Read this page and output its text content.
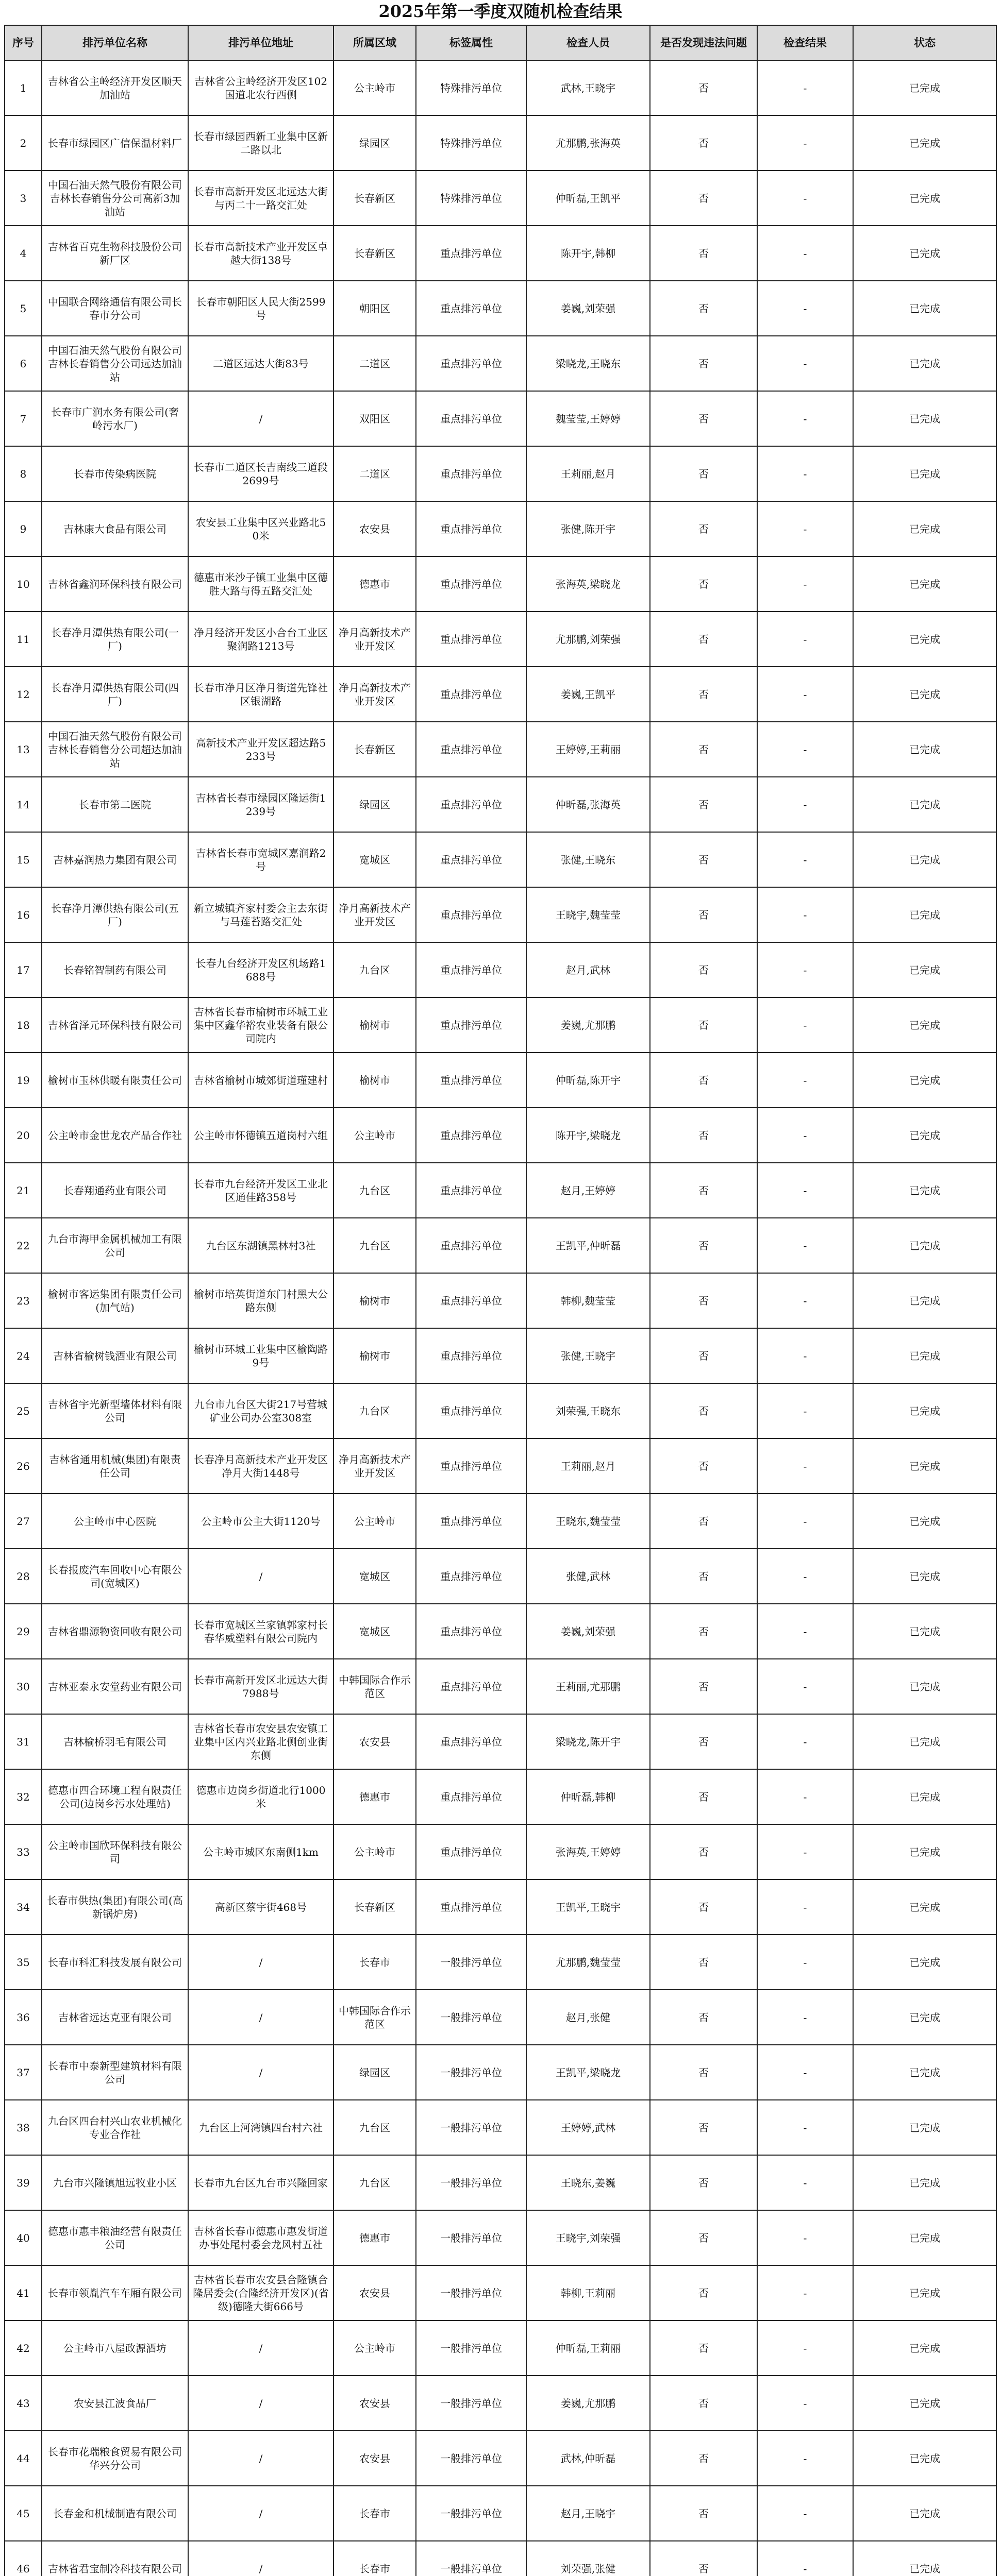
2025年第一季度双随机检查结果
序号	排污单位名称	排污单位地址	所属区域	标签属性	检查人员	是否发现违法问题	检查结果	状态
1	吉林省公主岭经济开发区顺天加油站	吉林省公主岭经济开发区102国道北农行西侧	公主岭市	特殊排污单位	武林,王晓宇	否	-	已完成
2	长春市绿园区广信保温材料厂	长春市绿园西新工业集中区新二路以北	绿园区	特殊排污单位	尤那鹏,张海英	否	-	已完成
3	中国石油天然气股份有限公司吉林长春销售分公司高新3加油站	长春市高新开发区北远达大街与丙二十一路交汇处	长春新区	特殊排污单位	仲昕磊,王凯平	否	-	已完成
4	吉林省百克生物科技股份公司新厂区	长春市高新技术产业开发区卓越大街138号	长春新区	重点排污单位	陈开宇,韩柳	否	-	已完成
5	中国联合网络通信有限公司长春市分公司	长春市朝阳区人民大街2599号	朝阳区	重点排污单位	姜巍,刘荣强	否	-	已完成
6	中国石油天然气股份有限公司吉林长春销售分公司远达加油站	二道区远达大街83号	二道区	重点排污单位	梁晓龙,王晓东	否	-	已完成
7	长春市广润水务有限公司(奢岭污水厂)	/	双阳区	重点排污单位	魏莹莹,王婷婷	否	-	已完成
8	长春市传染病医院	长春市二道区长吉南线三道段2699号	二道区	重点排污单位	王莉丽,赵月	否	-	已完成
9	吉林康大食品有限公司	农安县工业集中区兴业路北50米	农安县	重点排污单位	张健,陈开宇	否	-	已完成
10	吉林省鑫润环保科技有限公司	德惠市米沙子镇工业集中区德胜大路与得五路交汇处	德惠市	重点排污单位	张海英,梁晓龙	否	-	已完成
11	长春净月潭供热有限公司(一厂)	净月经济开发区小合台工业区聚润路1213号	净月高新技术产业开发区	重点排污单位	尤那鹏,刘荣强	否	-	已完成
12	长春净月潭供热有限公司(四厂)	长春市净月区净月街道先锋社区银湖路	净月高新技术产业开发区	重点排污单位	姜巍,王凯平	否	-	已完成
13	中国石油天然气股份有限公司吉林长春销售分公司超达加油站	高新技术产业开发区超达路5233号	长春新区	重点排污单位	王婷婷,王莉丽	否	-	已完成
14	长春市第二医院	吉林省长春市绿园区隆运街1239号	绿园区	重点排污单位	仲昕磊,张海英	否	-	已完成
15	吉林嘉润热力集团有限公司	吉林省长春市宽城区嘉润路2号	宽城区	重点排污单位	张健,王晓东	否	-	已完成
16	长春净月潭供热有限公司(五厂)	新立城镇齐家村委会主去东街与马莲苔路交汇处	净月高新技术产业开发区	重点排污单位	王晓宇,魏莹莹	否	-	已完成
17	长春铭智制药有限公司	长春九台经济开发区机场路1688号	九台区	重点排污单位	赵月,武林	否	-	已完成
18	吉林省泽元环保科技有限公司	吉林省长春市榆树市环城工业集中区鑫华裕农业装备有限公司院内	榆树市	重点排污单位	姜巍,尤那鹏	否	-	已完成
19	榆树市玉林供暖有限责任公司	吉林省榆树市城郊街道瑾建村	榆树市	重点排污单位	仲昕磊,陈开宇	否	-	已完成
20	公主岭市金世龙农产品合作社	公主岭市怀德镇五道岗村六组	公主岭市	重点排污单位	陈开宇,梁晓龙	否	-	已完成
21	长春翔通药业有限公司	长春市九台经济开发区工业北区通佳路358号	九台区	重点排污单位	赵月,王婷婷	否	-	已完成
22	九台市海甲金属机械加工有限公司	九台区东湖镇黑林村3社	九台区	重点排污单位	王凯平,仲昕磊	否	-	已完成
23	榆树市客运集团有限责任公司(加气站)	榆树市培英街道东门村黑大公路东侧	榆树市	重点排污单位	韩柳,魏莹莹	否	-	已完成
24	吉林省榆树钱酒业有限公司	榆树市环城工业集中区榆陶路9号	榆树市	重点排污单位	张健,王晓宇	否	-	已完成
25	吉林省宇光新型墙体材料有限公司	九台市九台区大街217号营城矿业公司办公室308室	九台区	重点排污单位	刘荣强,王晓东	否	-	已完成
26	吉林省通用机械(集团)有限责任公司	长春净月高新技术产业开发区净月大街1448号	净月高新技术产业开发区	重点排污单位	王莉丽,赵月	否	-	已完成
27	公主岭市中心医院	公主岭市公主大街1120号	公主岭市	重点排污单位	王晓东,魏莹莹	否	-	已完成
28	长春报废汽车回收中心有限公司(宽城区)	/	宽城区	重点排污单位	张健,武林	否	-	已完成
29	吉林省鼎源物资回收有限公司	长春市宽城区兰家镇郭家村长春华威塑料有限公司院内	宽城区	重点排污单位	姜巍,刘荣强	否	-	已完成
30	吉林亚泰永安堂药业有限公司	长春市高新开发区北远达大街7988号	中韩国际合作示范区	重点排污单位	王莉丽,尤那鹏	否	-	已完成
31	吉林榆桥羽毛有限公司	吉林省长春市农安县农安镇工业集中区内兴业路北侧创业街东侧	农安县	重点排污单位	梁晓龙,陈开宇	否	-	已完成
32	德惠市四合环境工程有限责任公司(边岗乡污水处理站)	德惠市边岗乡街道北行1000米	德惠市	重点排污单位	仲昕磊,韩柳	否	-	已完成
33	公主岭市国欣环保科技有限公司	公主岭市城区东南侧1km	公主岭市	重点排污单位	张海英,王婷婷	否	-	已完成
34	长春市供热(集团)有限公司(高新锅炉房)	高新区蔡宇街468号	长春新区	重点排污单位	王凯平,王晓宇	否	-	已完成
35	长春市科汇科技发展有限公司	/	长春市	一般排污单位	尤那鹏,魏莹莹	否	-	已完成
36	吉林省远达克亚有限公司	/	中韩国际合作示范区	一般排污单位	赵月,张健	否	-	已完成
37	长春市中泰新型建筑材料有限公司	/	绿园区	一般排污单位	王凯平,梁晓龙	否	-	已完成
38	九台区四台村兴山农业机械化专业合作社	九台区上河湾镇四台村六社	九台区	一般排污单位	王婷婷,武林	否	-	已完成
39	九台市兴隆镇旭远牧业小区	长春市九台区九台市兴隆回家	九台区	一般排污单位	王晓东,姜巍	否	-	已完成
40	德惠市惠丰粮油经营有限责任公司	吉林省长春市德惠市惠发街道办事处尾村委会龙风村五社	德惠市	一般排污单位	王晓宇,刘荣强	否	-	已完成
41	长春市领胤汽车车厢有限公司	吉林省长春市农安县合隆镇合隆居委会(合隆经济开发区)(省级)德隆大街666号	农安县	一般排污单位	韩柳,王莉丽	否	-	已完成
42	公主岭市八屋政源酒坊	/	公主岭市	一般排污单位	仲昕磊,王莉丽	否	-	已完成
43	农安县江波食品厂	/	农安县	一般排污单位	姜巍,尤那鹏	否	-	已完成
44	长春市花瑞粮食贸易有限公司华兴分公司	/	农安县	一般排污单位	武林,仲昕磊	否	-	已完成
45	长春金和机械制造有限公司	/	长春市	一般排污单位	赵月,王晓宇	否	-	已完成
46	吉林省君宝制冷科技有限公司	/	长春市	一般排污单位	刘荣强,张健	否	-	已完成
